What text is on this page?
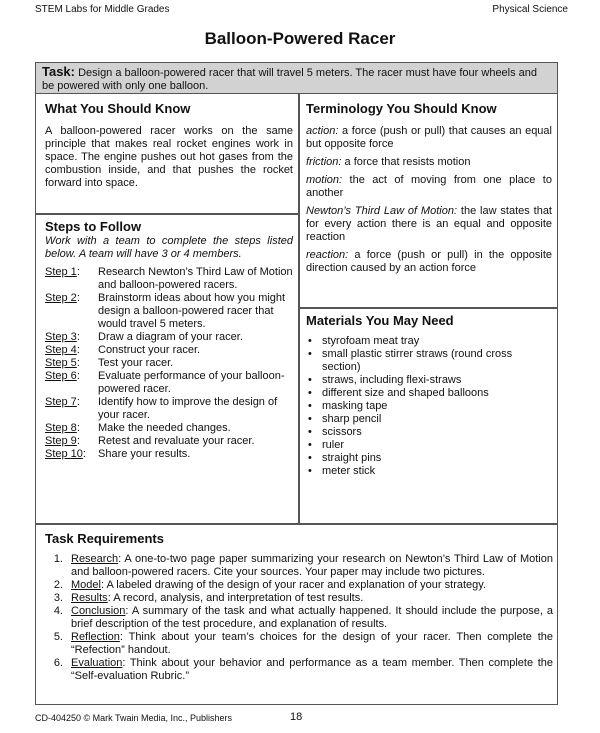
STEM Labs for Middle Grades	Physical Science
Balloon-Powered Racer
Task: Design a balloon-powered racer that will travel 5 meters. The racer must have four wheels and be powered with only one balloon.
What You Should Know
A balloon-powered racer works on the same principle that makes real rocket engines work in space. The engine pushes out hot gases from the combustion inside, and that pushes the rocket forward into space.
Steps to Follow
Work with a team to complete the steps listed below. A team will have 3 or 4 members.
Step 1:	Research Newton’s Third Law of Motion and balloon-powered racers.
Step 2:	Brainstorm ideas about how you might design a balloon-powered racer that would travel 5 meters.
Step 3:	Draw a diagram of your racer.
Step 4:	Construct your racer.
Step 5:	Test your racer.
Step 6:	Evaluate performance of your balloon-powered racer.
Step 7:	Identify how to improve the design of your racer.
Step 8:	Make the needed changes.
Step 9:	Retest and revaluate your racer.
Step 10:	Share your results.
Terminology You Should Know

action: a force (push or pull) that causes an equal but opposite force

friction: a force that resists motion

motion: the act of moving from one place to another

Newton’s Third Law of Motion: the law states that for every action there is an equal and opposite reaction

reaction: a force (push or pull) in the opposite direction caused by an action force

Materials You May Need
• styrofoam meat tray
• small plastic stirrer straws (round cross section)
• straws, including flexi-straws
• different size and shaped balloons
• masking tape
• sharp pencil
• scissors
• ruler
• straight pins
• meter stick
Task Requirements
1. Research: A one-to-two page paper summarizing your research on Newton’s Third Law of Motion and balloon-powered racers. Cite your sources. Your paper may include two pictures.
2. Model: A labeled drawing of the design of your racer and explanation of your strategy.
3. Results: A record, analysis, and interpretation of test results.
4. Conclusion: A summary of the task and what actually happened. It should include the purpose, a brief description of the test procedure, and explanation of results.
5. Reflection: Think about your team’s choices for the design of your racer. Then complete the “Refection” handout.
6. Evaluation: Think about your behavior and performance as a team member. Then complete the “Self-evaluation Rubric.”
CD-404250 © Mark Twain Media, Inc., Publishers	18
